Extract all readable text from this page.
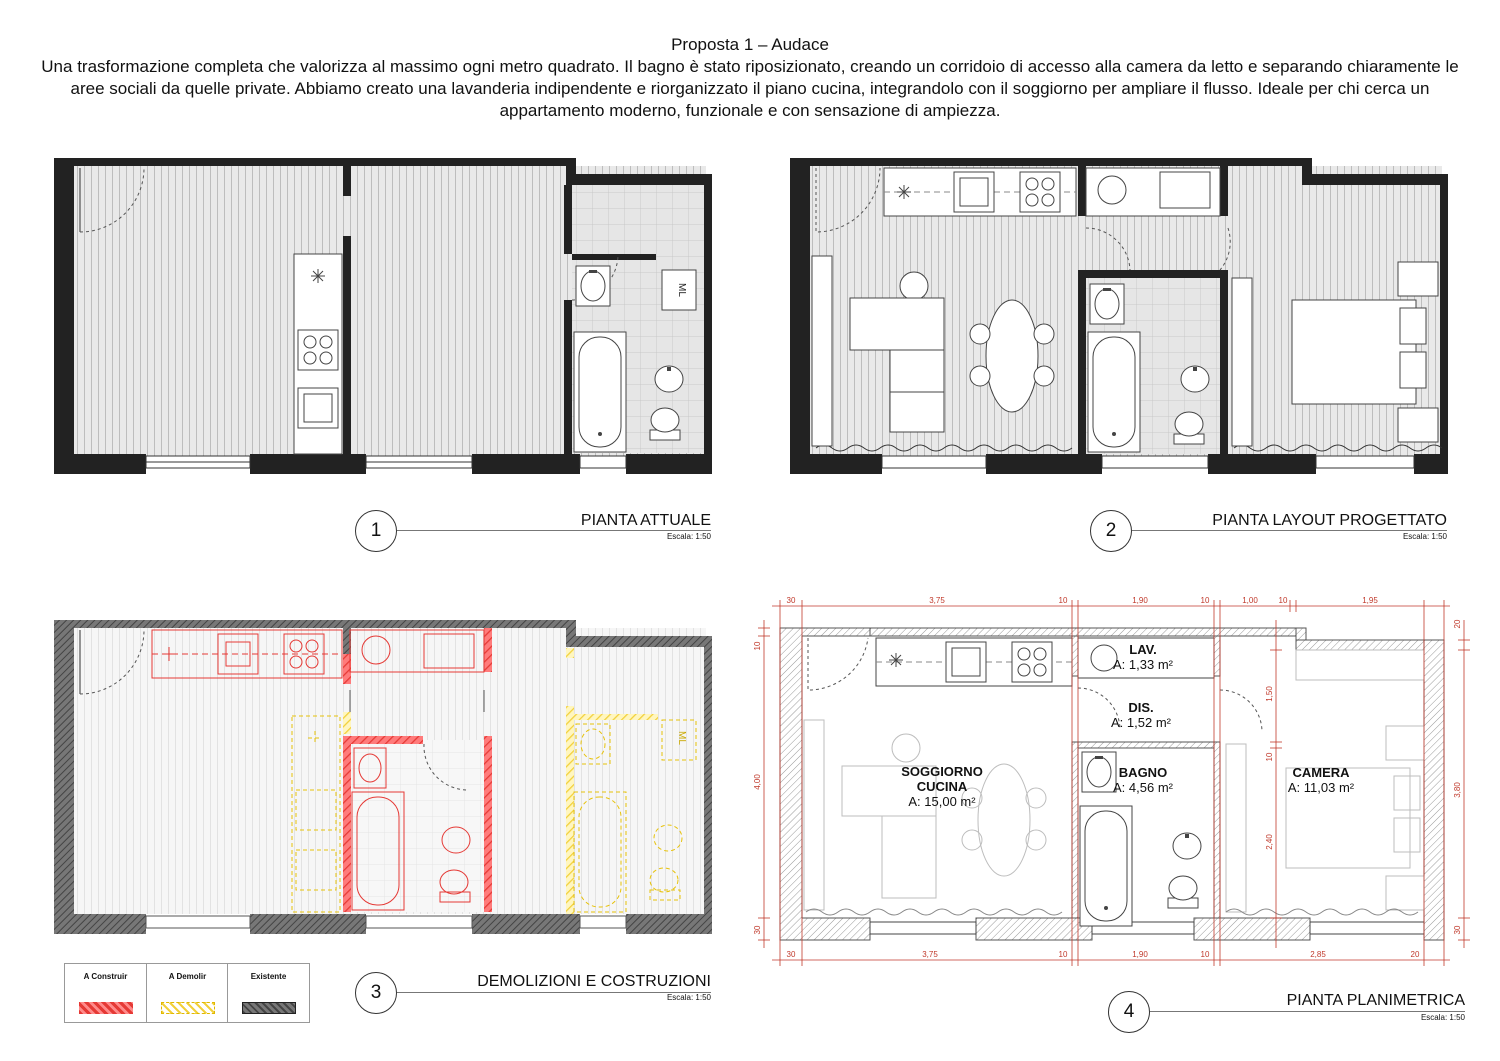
Proposta 1 – Audace
Una trasformazione completa che valorizza al massimo ogni metro quadrato. Il bagno è stato riposizionato, creando un corridoio di accesso alla camera da letto e separando chiaramente le aree sociali da quelle private. Abbiamo creato una lavanderia indipendente e riorganizzato il piano cucina, integrandolo con il soggiorno per ampliare il flusso. Ideale per chi cerca un appartamento moderno, funzionale e con sensazione di ampiezza.
ML
ML
30	3,75	10	1,90	10	1,00	10	1,95
30	3,75	10	1,90	10	2,85	20
10
4,00
30
20
1,50
10
2,40
3,80
30
LAV.
A: 1,33 m²
DIS.
A: 1,52 m²
SOGGIORNO
CUCINA
A: 15,00 m²
BAGNO
A: 4,56 m²
CAMERA
A: 11,03 m²
1	PIANTA ATTUALE
Escala: 1:50	2	PIANTA LAYOUT PROGETTATO
Escala: 1:50
3
DEMOLIZIONI E COSTRUZIONI
Escala: 1:50
4
PIANTA PLANIMETRICA
Escala: 1:50
A Construir	A Demolir	Existente
